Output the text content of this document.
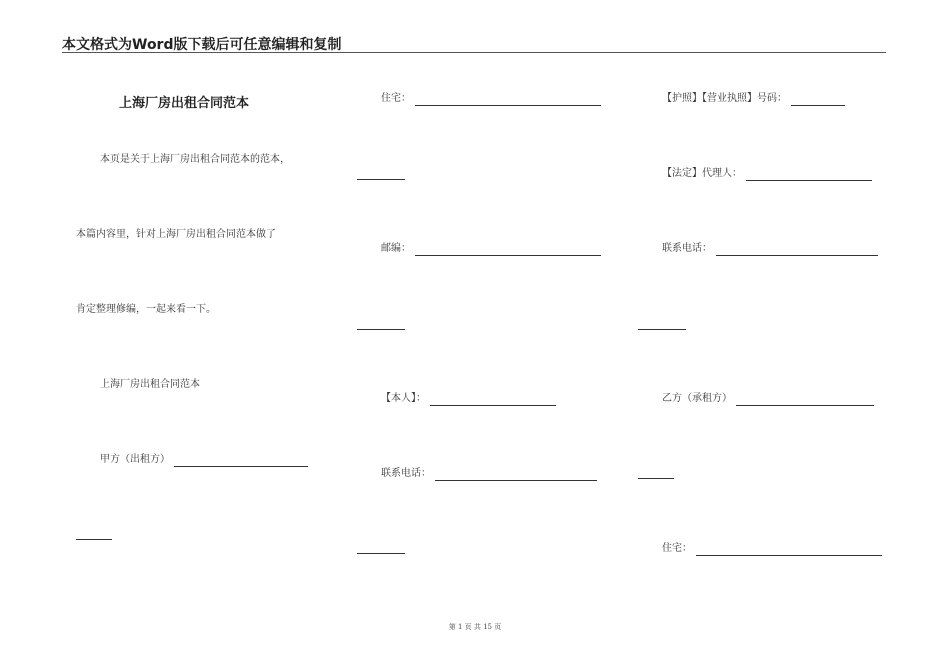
本文格式为Word版下载后可任意编辑和复制
上海厂房出租合同范本
本页是关于上海厂房出租合同范本的范本，
本篇内容里，针对上海厂房出租合同范本做了
肯定整理修编，一起来看一下。
上海厂房出租合同范本
甲方（出租方）
住宅：
邮编：
【本人】：
联系电话：
【护照】【营业执照】号码：
【法定】代理人：
联系电话：
乙方（承租方）
住宅：
第 1 页 共 15 页
